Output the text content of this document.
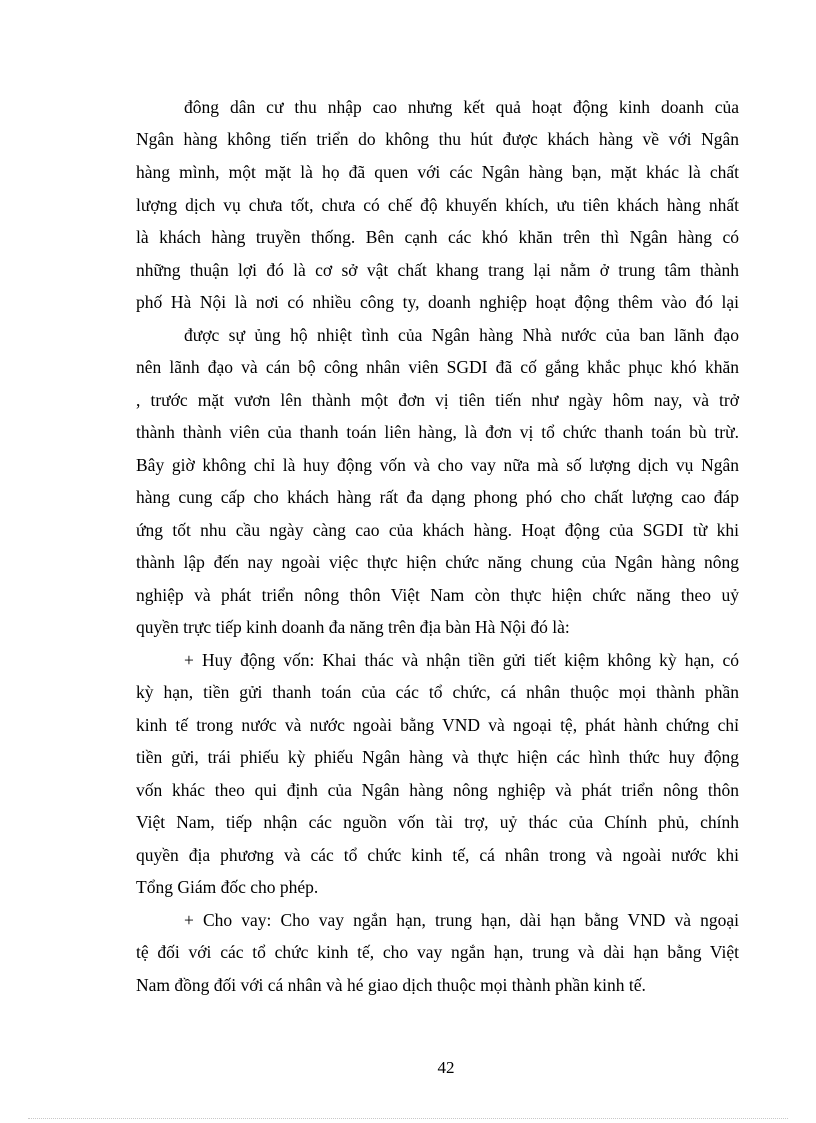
đông dân cư thu nhập cao nhưng kết quả hoạt động kinh doanh của
Ngân hàng không tiến triển do không thu hút được khách hàng về với Ngân
hàng mình, một mặt là họ đã quen với các Ngân hàng bạn, mặt khác là chất
lượng dịch vụ chưa tốt, chưa có chế độ khuyến khích, ưu tiên khách hàng nhất
là khách hàng truyền thống. Bên cạnh các khó khăn trên thì Ngân hàng có
những thuận lợi đó là cơ sở vật chất khang trang lại nằm ở trung tâm thành
phố Hà Nội là nơi có nhiều công ty, doanh nghiệp hoạt động thêm vào đó lại
được sự ủng hộ nhiệt tình của Ngân hàng Nhà nước của ban lãnh đạo
nên lãnh đạo và cán bộ công nhân viên SGDI đã cố gắng khắc phục khó khăn
, trước mặt vươn lên thành một đơn vị tiên tiến như ngày hôm nay, và trở
thành thành viên của thanh toán liên hàng, là đơn vị tổ chức thanh toán bù trừ.
Bây giờ không chỉ là huy động vốn và cho vay nữa mà số lượng dịch vụ Ngân
hàng cung cấp cho khách hàng rất đa dạng phong phó cho chất lượng cao đáp
ứng tốt nhu cầu ngày càng cao của khách hàng. Hoạt động của SGDI từ khi
thành lập đến nay ngoài việc thực hiện chức năng chung của Ngân hàng nông
nghiệp và phát triển nông thôn Việt Nam còn thực hiện chức năng theo uỷ
quyền trực tiếp kinh doanh đa năng trên địa bàn Hà Nội đó là:
+ Huy động vốn: Khai thác và nhận tiền gửi tiết kiệm không kỳ hạn, có
kỳ hạn, tiền gửi thanh toán của các tổ chức, cá nhân thuộc mọi thành phần
kinh tế trong nước và nước ngoài bằng VND và ngoại tệ, phát hành chứng chỉ
tiền gửi, trái phiếu kỳ phiếu Ngân hàng và thực hiện các hình thức huy động
vốn khác theo qui định của Ngân hàng nông nghiệp và phát triển nông thôn
Việt Nam, tiếp nhận các nguồn vốn tài trợ, uỷ thác của Chính phủ, chính
quyền địa phương và các tổ chức kinh tế, cá nhân trong và ngoài nước khi
Tổng Giám đốc cho phép.
+ Cho vay: Cho vay ngắn hạn, trung hạn, dài hạn bằng VND và ngoại
tệ đối với các tổ chức kinh tế, cho vay ngắn hạn, trung và dài hạn bằng Việt
Nam đồng đối với cá nhân và hé giao dịch thuộc mọi thành phần kinh tế.
42
